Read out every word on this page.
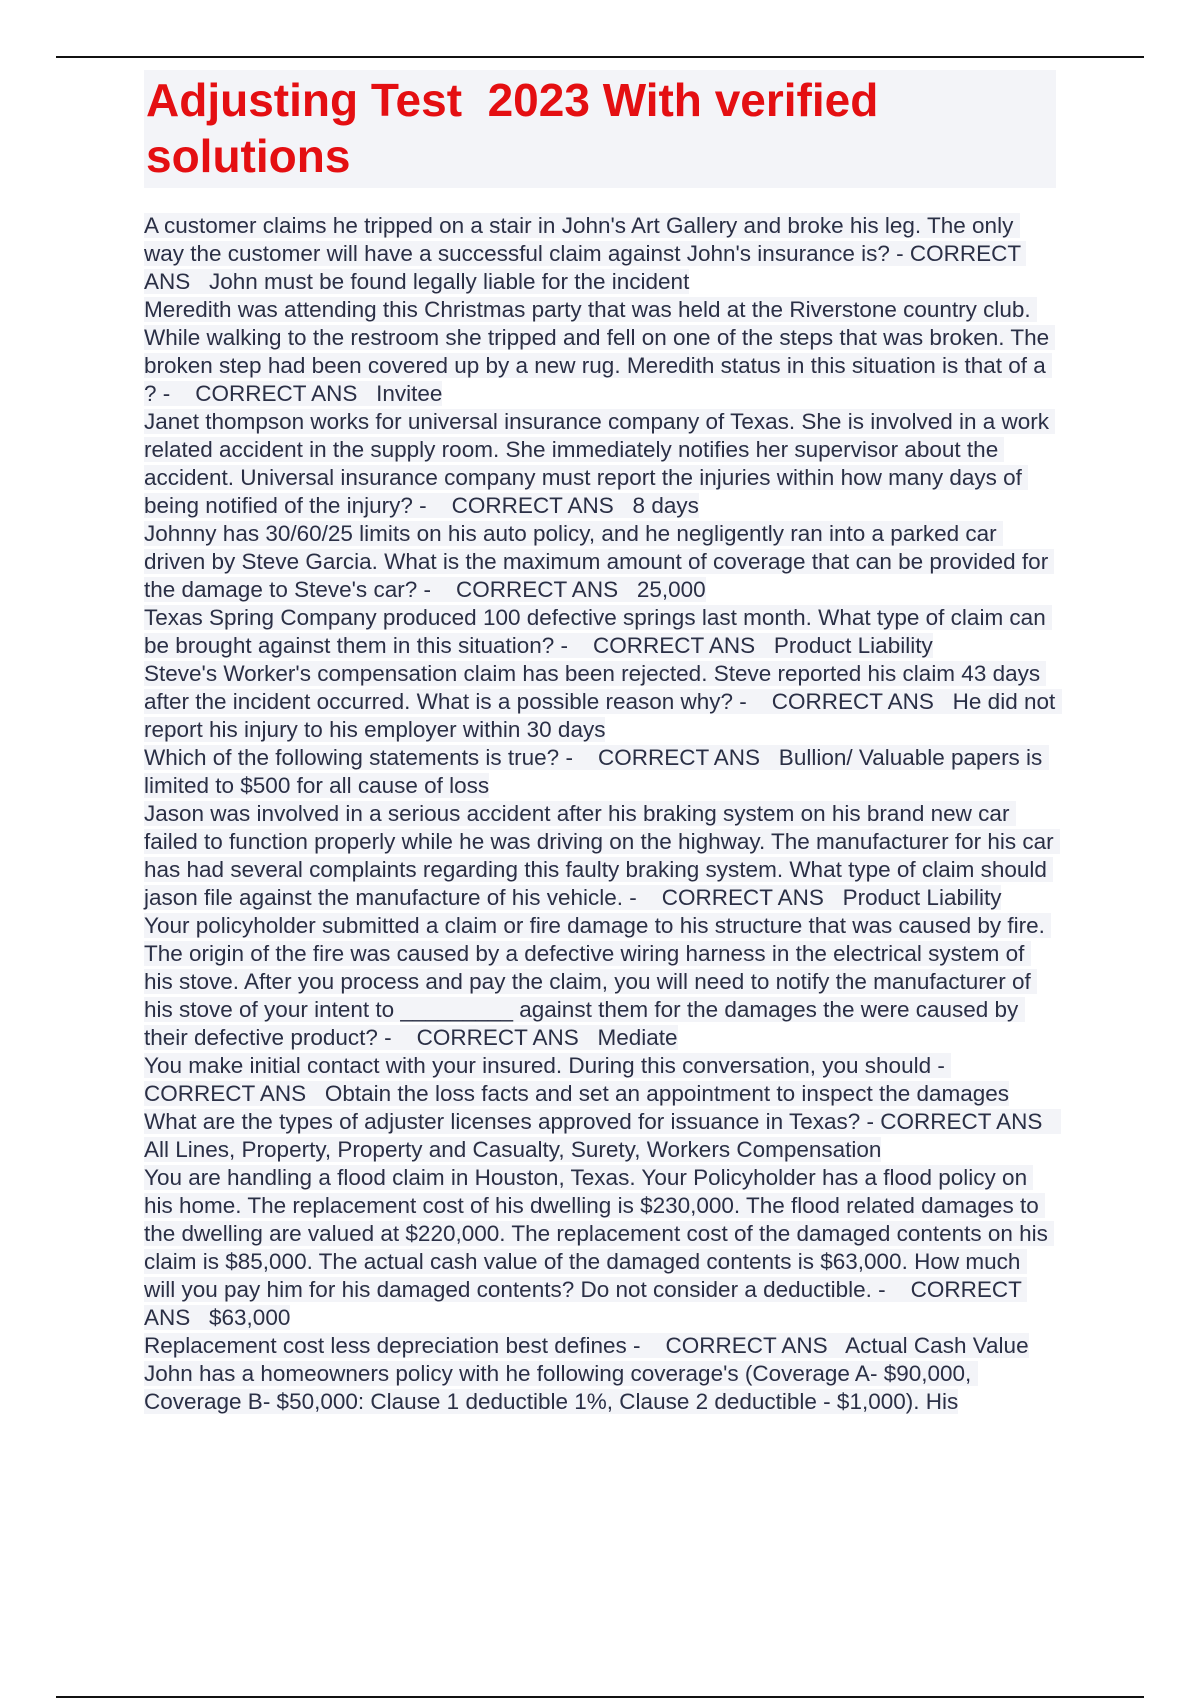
Adjusting Test  2023 With verified solutions
A customer claims he tripped on a stair in John's Art Gallery and broke his leg. The only way the customer will have a successful claim against John's insurance is? - CORRECT ANS   John must be found legally liable for the incident
Meredith was attending this Christmas party that was held at the Riverstone country club. While walking to the restroom she tripped and fell on one of the steps that was broken. The broken step had been covered up by a new rug. Meredith status in this situation is that of a ? -    CORRECT ANS   Invitee
Janet thompson works for universal insurance company of Texas. She is involved in a work related accident in the supply room. She immediately notifies her supervisor about the accident. Universal insurance company must report the injuries within how many days of being notified of the injury? -    CORRECT ANS   8 days
Johnny has 30/60/25 limits on his auto policy, and he negligently ran into a parked car driven by Steve Garcia. What is the maximum amount of coverage that can be provided for the damage to Steve's car? -    CORRECT ANS   25,000
Texas Spring Company produced 100 defective springs last month. What type of claim can be brought against them in this situation? -    CORRECT ANS   Product Liability
Steve's Worker's compensation claim has been rejected. Steve reported his claim 43 days after the incident occurred. What is a possible reason why? -    CORRECT ANS   He did not report his injury to his employer within 30 days
Which of the following statements is true? -    CORRECT ANS   Bullion/ Valuable papers is limited to $500 for all cause of loss
Jason was involved in a serious accident after his braking system on his brand new car failed to function properly while he was driving on the highway. The manufacturer for his car has had several complaints regarding this faulty braking system. What type of claim should jason file against the manufacture of his vehicle. -    CORRECT ANS   Product Liability
Your policyholder submitted a claim or fire damage to his structure that was caused by fire. The origin of the fire was caused by a defective wiring harness in the electrical system of his stove. After you process and pay the claim, you will need to notify the manufacturer of his stove of your intent to _________ against them for the damages the were caused by their defective product? -    CORRECT ANS   Mediate
You make initial contact with your insured. During this conversation, you should - CORRECT ANS   Obtain the loss facts and set an appointment to inspect the damages
What are the types of adjuster licenses approved for issuance in Texas? - CORRECT ANS   All Lines, Property, Property and Casualty, Surety, Workers Compensation
You are handling a flood claim in Houston, Texas. Your Policyholder has a flood policy on his home. The replacement cost of his dwelling is $230,000. The flood related damages to the dwelling are valued at $220,000. The replacement cost of the damaged contents on his claim is $85,000. The actual cash value of the damaged contents is $63,000. How much will you pay him for his damaged contents? Do not consider a deductible. -    CORRECT ANS   $63,000
Replacement cost less depreciation best defines -    CORRECT ANS   Actual Cash Value
John has a homeowners policy with he following coverage's (Coverage A- $90,000, Coverage B- $50,000: Clause 1 deductible 1%, Clause 2 deductible - $1,000). His
